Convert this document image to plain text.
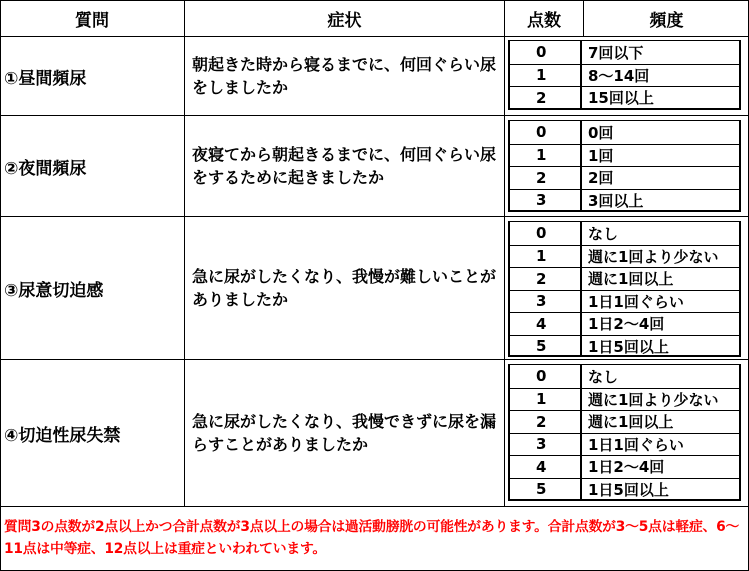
質問	症状	点数	頻度
①昼間頻尿
朝起きた時から寝るまでに、何回ぐらい尿をしましたか
0	7回以下
1	8～14回
2	15回以上
②夜間頻尿
夜寝てから朝起きるまでに、何回ぐらい尿をするために起きましたか
0	0回
1	1回
2	2回
3	3回以上
③尿意切迫感
急に尿がしたくなり、我慢が難しいことがありましたか
0	なし
1	週に1回より少ない
2	週に1回以上
3	1日1回ぐらい
4	1日2～4回
5	1日5回以上
④切迫性尿失禁
急に尿がしたくなり、我慢できずに尿を漏らすことがありましたか
0	なし
1	週に1回より少ない
2	週に1回以上
3	1日1回ぐらい
4	1日2～4回
5	1日5回以上
質問3の点数が2点以上かつ合計点数が3点以上の場合は過活動膀胱の可能性があります。合計点数が3～5点は軽症、6～11点は中等症、12点以上は重症といわれています。
